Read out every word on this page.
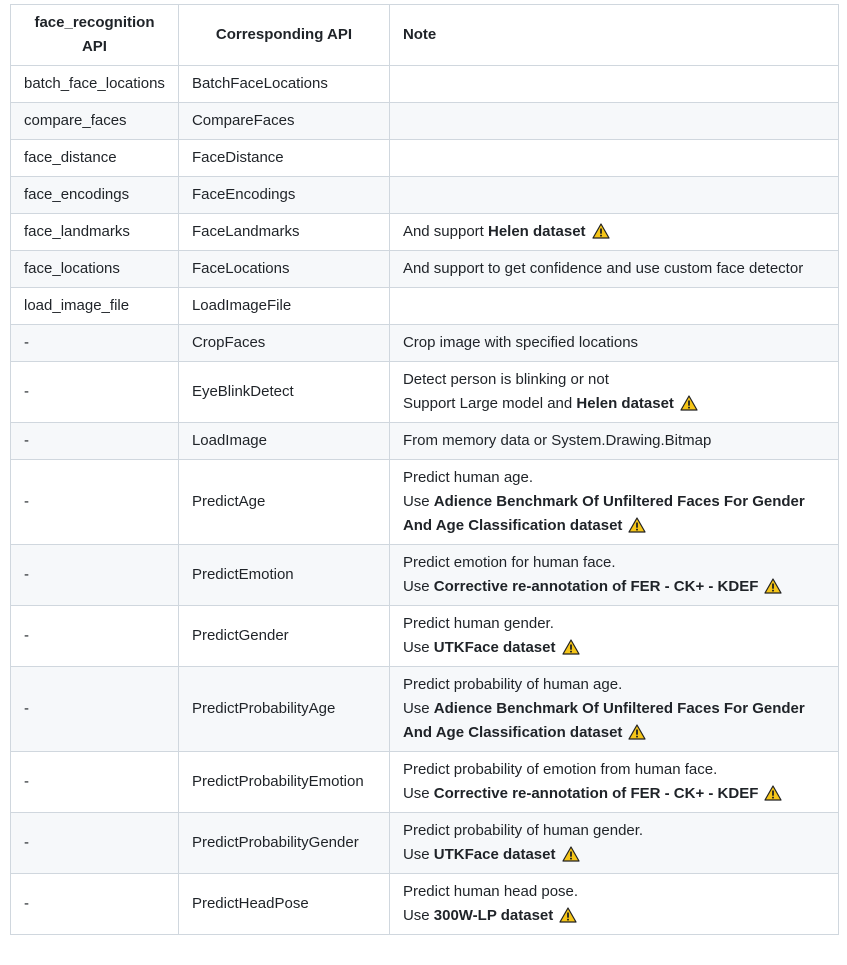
face_recognition API	Corresponding API	Note
batch_face_locations	BatchFaceLocations	
compare_faces	CompareFaces	
face_distance	FaceDistance	
face_encodings	FaceEncodings	
face_landmarks	FaceLandmarks	And support Helen dataset

face_locations	FaceLocations	And support to get confidence and use custom face detector

load_image_file	LoadImageFile	
-	CropFaces	Crop image with specified locations

-	EyeBlinkDetect	Detect person is blinking or not
Support Large model and Helen dataset

-	LoadImage	From memory data or System.Drawing.Bitmap

-	PredictAge	Predict human age.
Use Adience Benchmark Of Unfiltered Faces For Gender And Age Classification dataset

-	PredictEmotion	Predict emotion for human face.
Use Corrective re-annotation of FER - CK+ - KDEF

-	PredictGender	Predict human gender.
Use UTKFace dataset

-	PredictProbabilityAge	Predict probability of human age.
Use Adience Benchmark Of Unfiltered Faces For Gender And Age Classification dataset

-	PredictProbabilityEmotion	Predict probability of emotion from human face.
Use Corrective re-annotation of FER - CK+ - KDEF

-	PredictProbabilityGender	Predict probability of human gender.
Use UTKFace dataset

-	PredictHeadPose	Predict human head pose.
Use 300W-LP dataset
